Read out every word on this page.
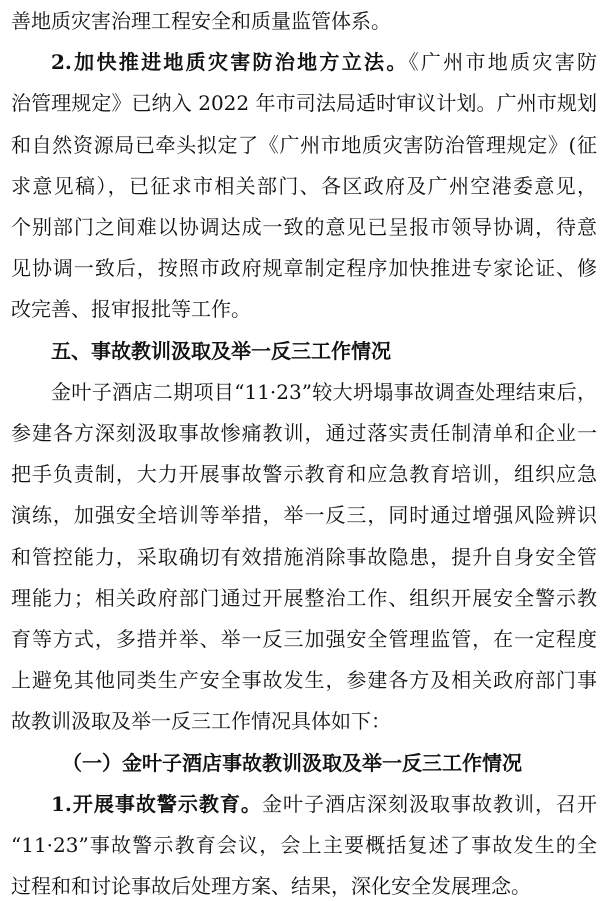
善地质灾害治理工程安全和质量监管体系。
2.加快推进地质灾害防治地方立法。《广州市地质灾害防
治管理规定》已纳入 2022 年市司法局适时审议计划。广州市规划
和自然资源局已牵头拟定了《广州市地质灾害防治管理规定》(征
求意见稿），已征求市相关部门、各区政府及广州空港委意见，
个别部门之间难以协调达成一致的意见已呈报市领导协调，待意
见协调一致后，按照市政府规章制定程序加快推进专家论证、修
改完善、报审报批等工作。
五、事故教训汲取及举一反三工作情况
金叶子酒店二期项目“11·23”较大坍塌事故调查处理结束后，
参建各方深刻汲取事故惨痛教训，通过落实责任制清单和企业一
把手负责制，大力开展事故警示教育和应急教育培训，组织应急
演练，加强安全培训等举措，举一反三，同时通过增强风险辨识
和管控能力，采取确切有效措施消除事故隐患，提升自身安全管
理能力；相关政府部门通过开展整治工作、组织开展安全警示教
育等方式，多措并举、举一反三加强安全管理监管，在一定程度
上避免其他同类生产安全事故发生，参建各方及相关政府部门事
故教训汲取及举一反三工作情况具体如下：
（一）金叶子酒店事故教训汲取及举一反三工作情况
1.开展事故警示教育。金叶子酒店深刻汲取事故教训，召开
“11·23”事故警示教育会议，会上主要概括复述了事故发生的全
过程和和讨论事故后处理方案、结果，深化安全发展理念。
